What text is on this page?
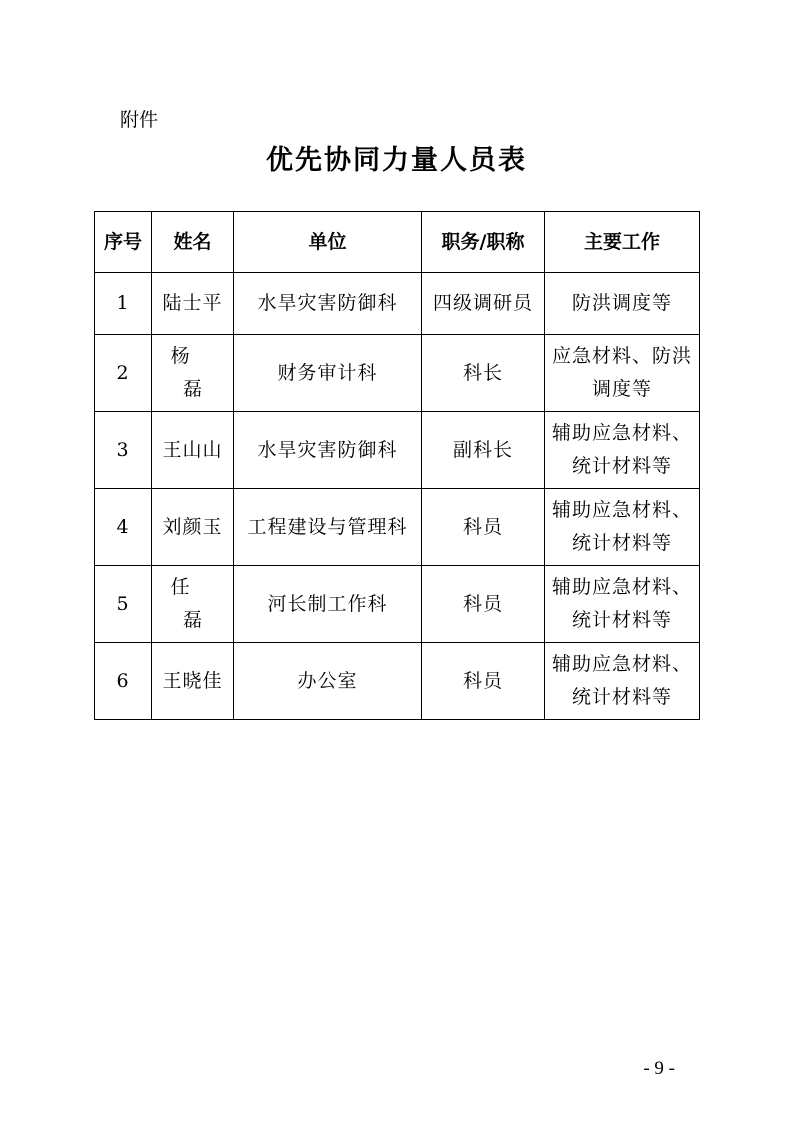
附件
优先协同力量人员表
序号	姓名	单位	职务/职称	主要工作
1	陆士平	水旱灾害防御科	四级调研员	防洪调度等
2	杨磊	财务审计科	科长	应急材料、防洪调度等
3	王山山	水旱灾害防御科	副科长	辅助应急材料、统计材料等
4	刘颜玉	工程建设与管理科	科员	辅助应急材料、统计材料等
5	任磊	河长制工作科	科员	辅助应急材料、统计材料等
6	王晓佳	办公室	科员	辅助应急材料、统计材料等
- 9 -
